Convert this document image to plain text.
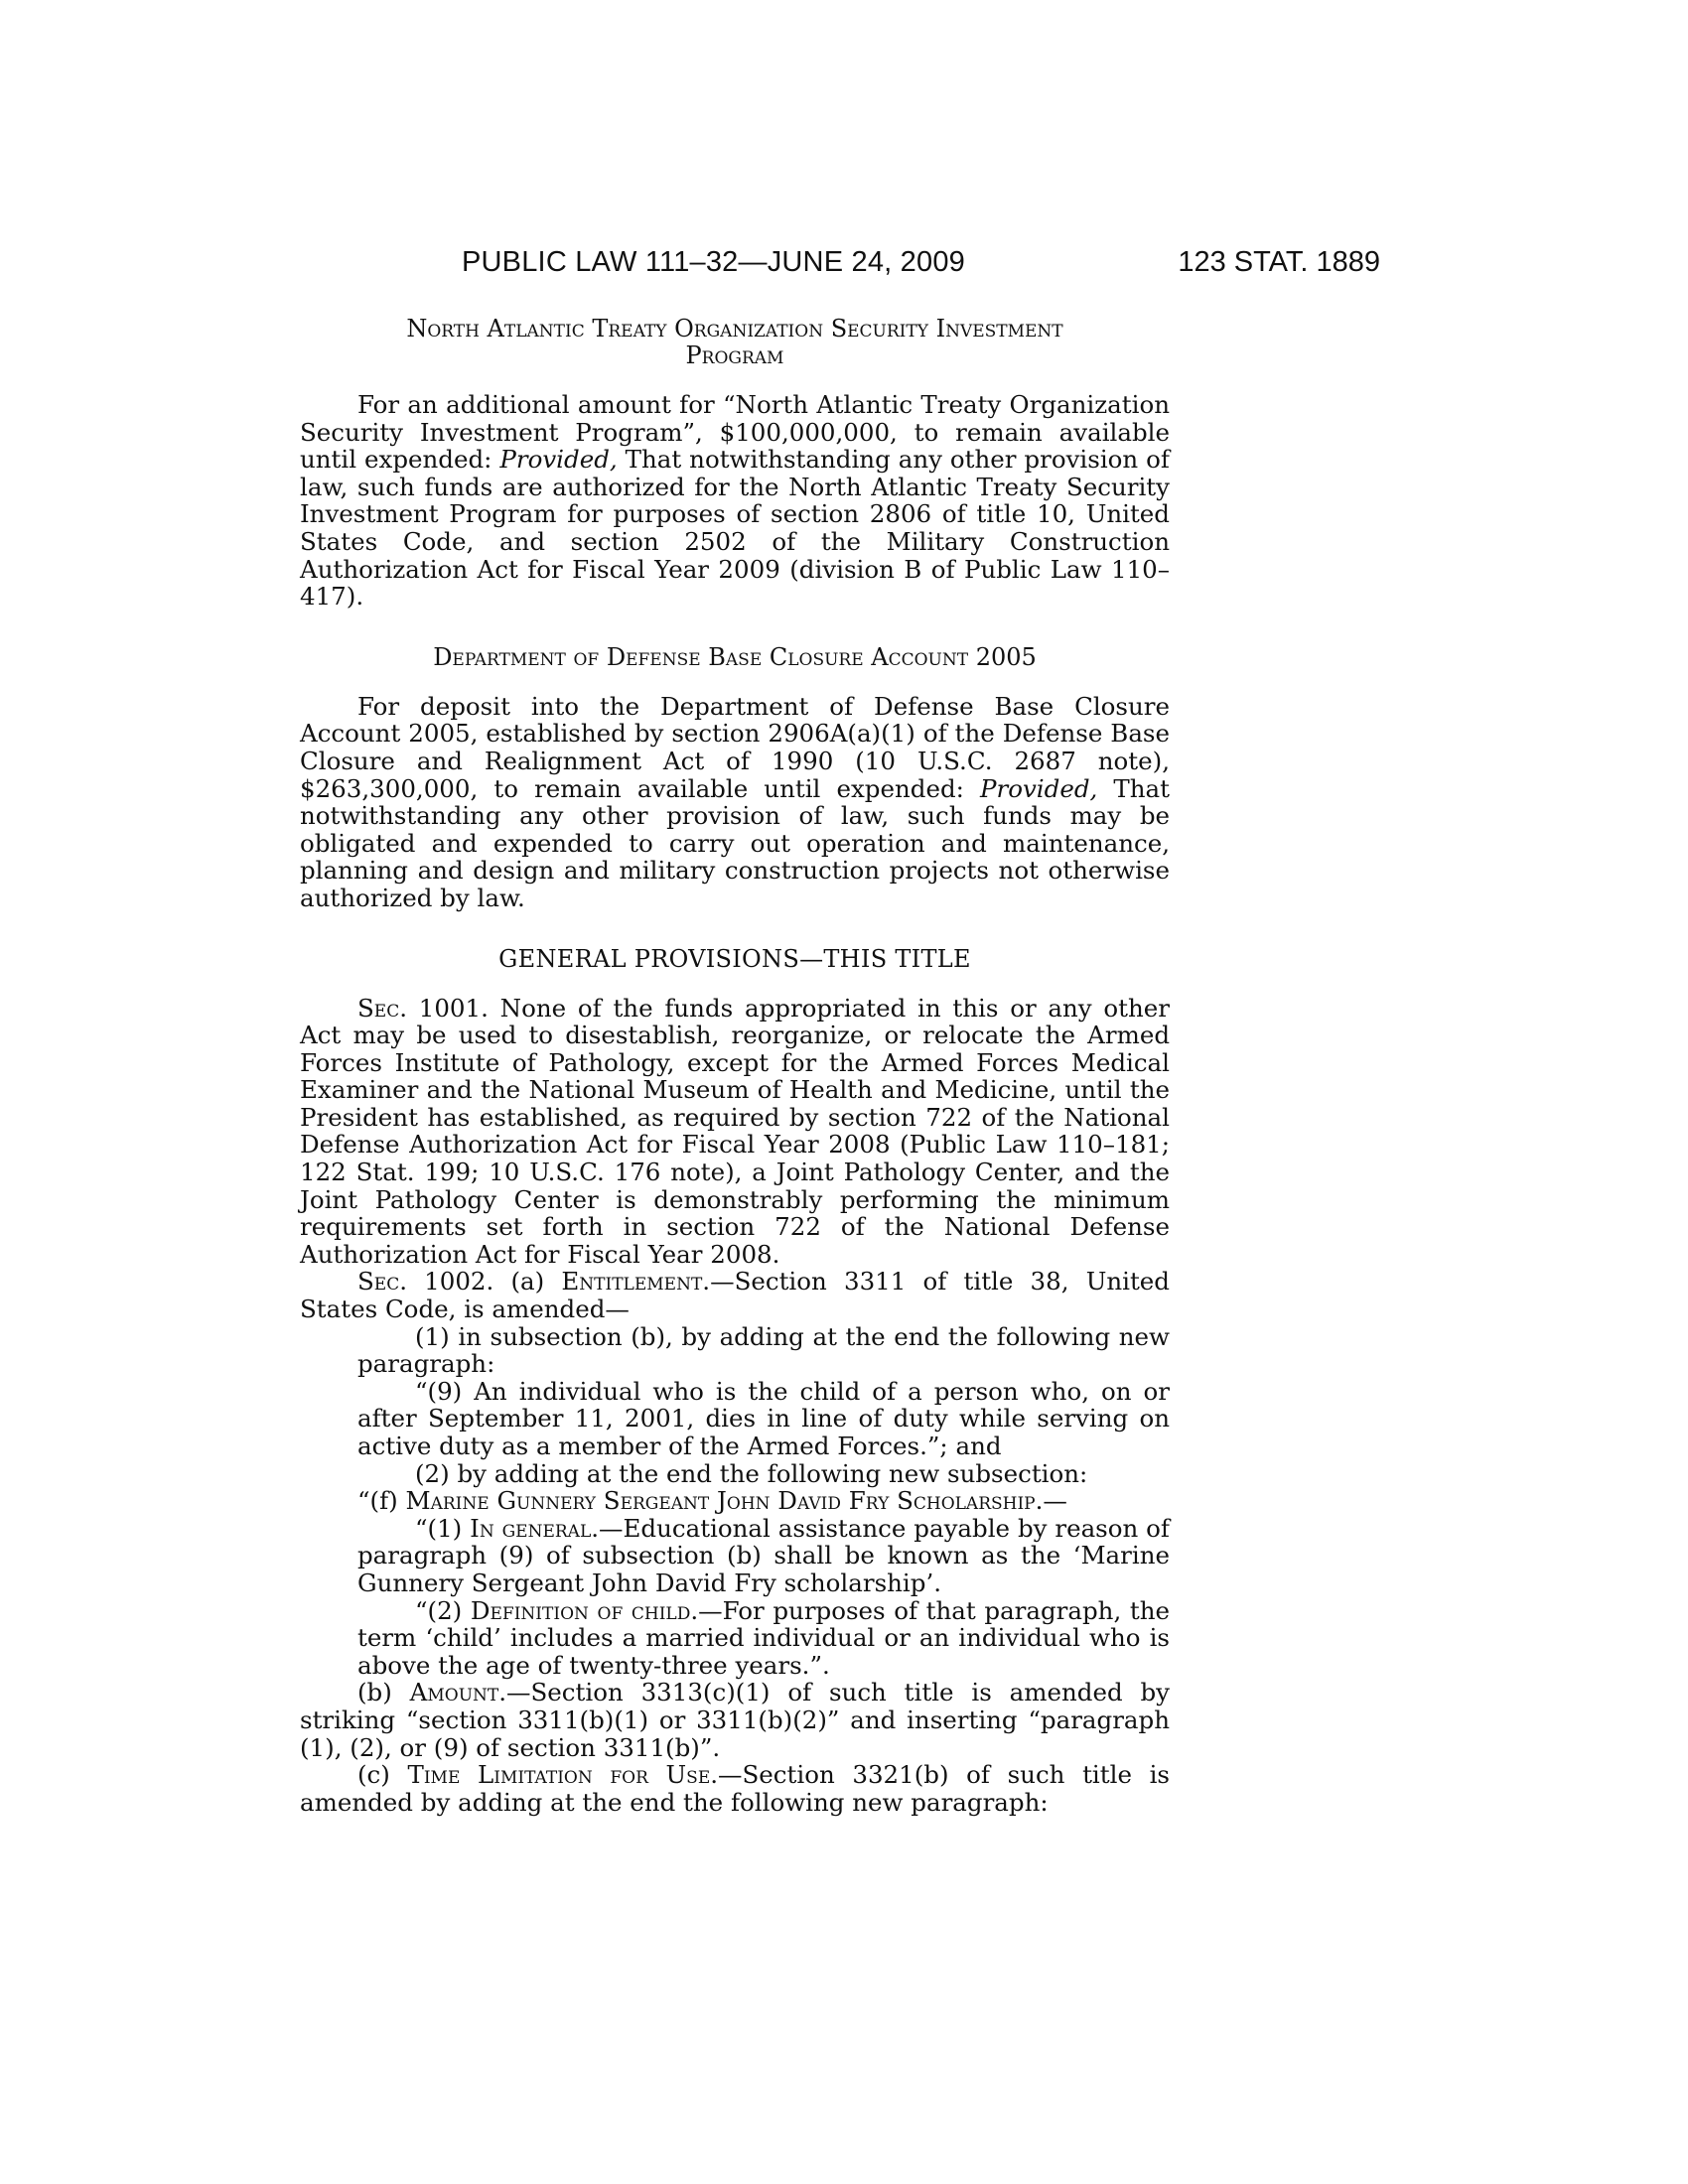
PUBLIC LAW 111–32—JUNE 24, 2009	123 STAT. 1889
North Atlantic Treaty Organization Security Investment Program

For an additional amount for “North Atlantic Treaty Organization Security Investment Program”, $100,000,000, to remain available until expended: Provided, That notwithstanding any other provision of law, such funds are authorized for the North Atlantic Treaty Security Investment Program for purposes of section 2806 of title 10, United States Code, and section 2502 of the Military Construction Authorization Act for Fiscal Year 2009 (division B of Public Law 110–417).

Department of Defense Base Closure Account 2005

For deposit into the Department of Defense Base Closure Account 2005, established by section 2906A(a)(1) of the Defense Base Closure and Realignment Act of 1990 (10 U.S.C. 2687 note), $263,300,000, to remain available until expended: Provided, That notwithstanding any other provision of law, such funds may be obligated and expended to carry out operation and maintenance, planning and design and military construction projects not otherwise authorized by law.

GENERAL PROVISIONS—THIS TITLE

Sec. 1001. None of the funds appropriated in this or any other Act may be used to disestablish, reorganize, or relocate the Armed Forces Institute of Pathology, except for the Armed Forces Medical Examiner and the National Museum of Health and Medicine, until the President has established, as required by section 722 of the National Defense Authorization Act for Fiscal Year 2008 (Public Law 110–181; 122 Stat. 199; 10 U.S.C. 176 note), a Joint Pathology Center, and the Joint Pathology Center is demonstrably performing the minimum requirements set forth in section 722 of the National Defense Authorization Act for Fiscal Year 2008.

Sec. 1002. (a) Entitlement.—Section 3311 of title 38, United States Code, is amended—

(1) in subsection (b), by adding at the end the following new paragraph:

“(9) An individual who is the child of a person who, on or after September 11, 2001, dies in line of duty while serving on active duty as a member of the Armed Forces.”; and

(2) by adding at the end the following new subsection:

“(f) Marine Gunnery Sergeant John David Fry Scholarship.—

“(1) In general.—Educational assistance payable by reason of paragraph (9) of subsection (b) shall be known as the ‘Marine Gunnery Sergeant John David Fry scholarship’.

“(2) Definition of child.—For purposes of that paragraph, the term ‘child’ includes a married individual or an individual who is above the age of twenty-three years.”.

(b) Amount.—Section 3313(c)(1) of such title is amended by striking “section 3311(b)(1) or 3311(b)(2)” and inserting “paragraph (1), (2), or (9) of section 3311(b)”.

(c) Time Limitation for Use.—Section 3321(b) of such title is amended by adding at the end the following new paragraph:
